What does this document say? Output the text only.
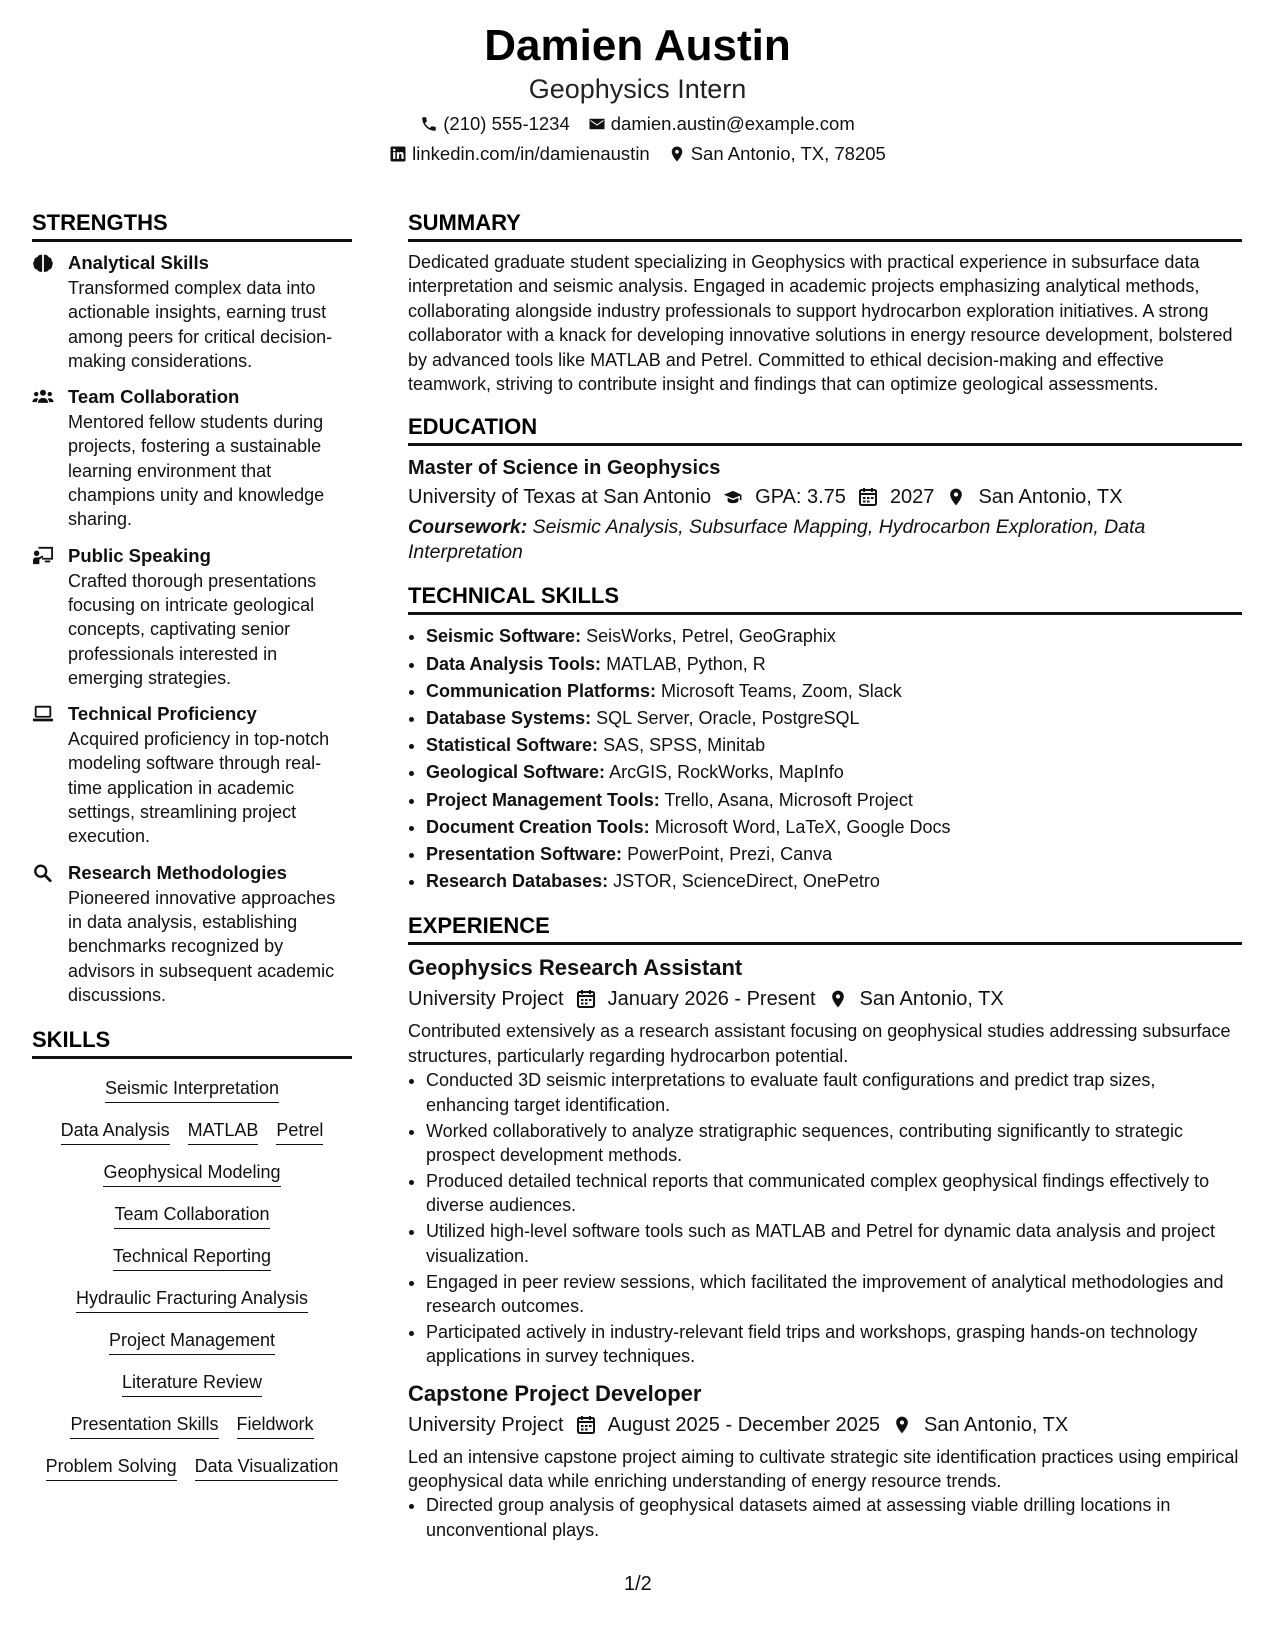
Damien Austin
Geophysics Intern
(210) 555-1234 damien.austin@example.com
linkedin.com/in/damienaustin San Antonio, TX, 78205
STRENGTHS
Analytical Skills
Transformed complex data into actionable insights, earning trust among peers for critical decision-making considerations.
Team Collaboration
Mentored fellow students during projects, fostering a sustainable learning environment that champions unity and knowledge sharing.
Public Speaking
Crafted thorough presentations focusing on intricate geological concepts, captivating senior professionals interested in emerging strategies.
Technical Proficiency
Acquired proficiency in top-notch modeling software through real-time application in academic settings, streamlining project execution.
Research Methodologies
Pioneered innovative approaches in data analysis, establishing benchmarks recognized by advisors in subsequent academic discussions.
SKILLS
Seismic Interpretation
Data Analysis MATLAB Petrel
Geophysical Modeling
Team Collaboration
Technical Reporting
Hydraulic Fracturing Analysis
Project Management
Literature Review
Presentation Skills Fieldwork
Problem Solving Data Visualization
SUMMARY

Dedicated graduate student specializing in Geophysics with practical experience in subsurface data interpretation and seismic analysis. Engaged in academic projects emphasizing analytical methods, collaborating alongside industry professionals to support hydrocarbon exploration initiatives. A strong collaborator with a knack for developing innovative solutions in energy resource development, bolstered by advanced tools like MATLAB and Petrel. Committed to ethical decision-making and effective teamwork, striving to contribute insight and findings that can optimize geological assessments.

EDUCATION
Master of Science in Geophysics
University of Texas at San Antonio GPA: 3.75 2027 San Antonio, TX
Coursework: Seismic Analysis, Subsurface Mapping, Hydrocarbon Exploration, Data Interpretation
TECHNICAL SKILLS
• Seismic Software: SeisWorks, Petrel, GeoGraphix
• Data Analysis Tools: MATLAB, Python, R
• Communication Platforms: Microsoft Teams, Zoom, Slack
• Database Systems: SQL Server, Oracle, PostgreSQL
• Statistical Software: SAS, SPSS, Minitab
• Geological Software: ArcGIS, RockWorks, MapInfo
• Project Management Tools: Trello, Asana, Microsoft Project
• Document Creation Tools: Microsoft Word, LaTeX, Google Docs
• Presentation Software: PowerPoint, Prezi, Canva
• Research Databases: JSTOR, ScienceDirect, OnePetro
EXPERIENCE
Geophysics Research Assistant
University Project January 2026 - Present San Antonio, TX

Contributed extensively as a research assistant focusing on geophysical studies addressing subsurface structures, particularly regarding hydrocarbon potential.

• Conducted 3D seismic interpretations to evaluate fault configurations and predict trap sizes, enhancing target identification.
• Worked collaboratively to analyze stratigraphic sequences, contributing significantly to strategic prospect development methods.
• Produced detailed technical reports that communicated complex geophysical findings effectively to diverse audiences.
• Utilized high-level software tools such as MATLAB and Petrel for dynamic data analysis and project visualization.
• Engaged in peer review sessions, which facilitated the improvement of analytical methodologies and research outcomes.
• Participated actively in industry-relevant field trips and workshops, grasping hands-on technology applications in survey techniques.
Capstone Project Developer
University Project August 2025 - December 2025 San Antonio, TX

Led an intensive capstone project aiming to cultivate strategic site identification practices using empirical geophysical data while enriching understanding of energy resource trends.

• Directed group analysis of geophysical datasets aimed at assessing viable drilling locations in unconventional plays.
1/2
